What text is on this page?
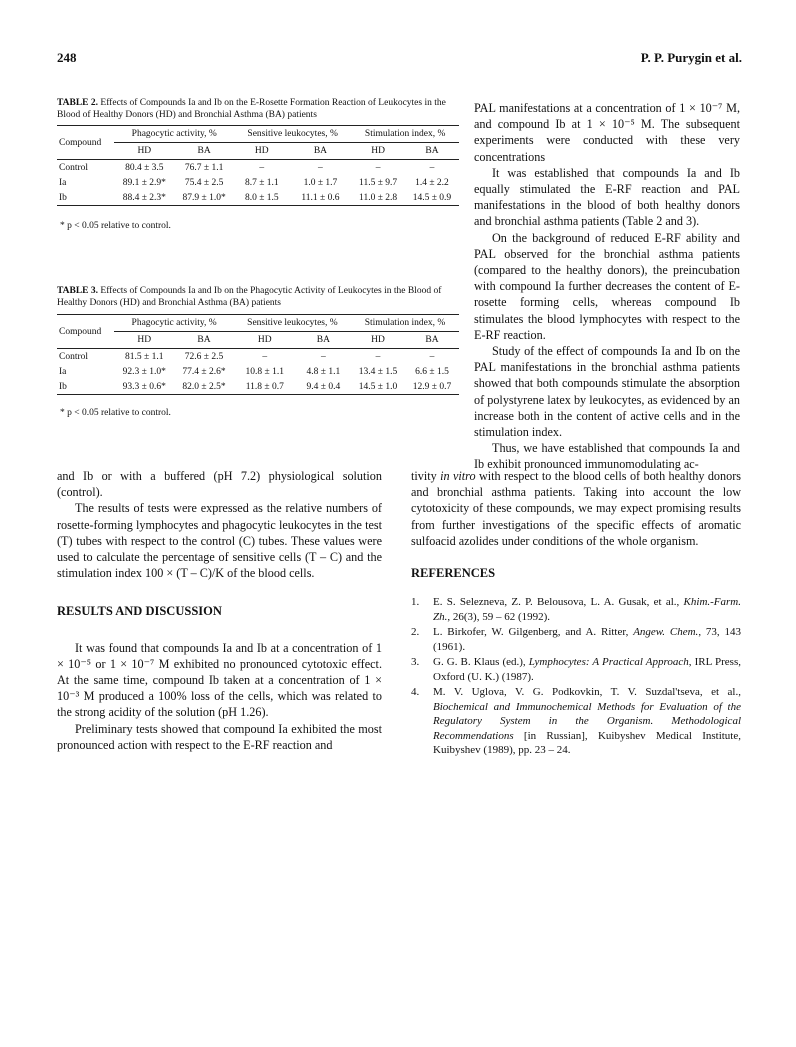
248	P. P. Purygin et al.
TABLE 2. Effects of Compounds Ia and Ib on the E-Rosette Formation Reaction of Leukocytes in the Blood of Healthy Donors (HD) and Bronchial Asthma (BA) patients
Compound	Phagocytic activity, %		Sensitive leukocytes, %		Stimulation index, %	
	HD	BA	HD	BA	HD	BA
Control	80.4 ± 3.5	76.7 ± 1.1	–	–	–	–
Ia	89.1 ± 2.9*	75.4 ± 2.5	8.7 ± 1.1	1.0 ± 1.7	11.5 ± 9.7	1.4 ± 2.2
Ib	88.4 ± 2.3*	87.9 ± 1.0*	8.0 ± 1.5	11.1 ± 0.6	11.0 ± 2.8	14.5 ± 0.9
* p < 0.05 relative to control.
TABLE 3. Effects of Compounds Ia and Ib on the Phagocytic Activity of Leukocytes in the Blood of Healthy Donors (HD) and Bronchial Asthma (BA) patients
Compound	Phagocytic activity, %		Sensitive leukocytes, %		Stimulation index, %	
	HD	BA	HD	BA	HD	BA
Control	81.5 ± 1.1	72.6 ± 2.5	–	–	–	–
Ia	92.3 ± 1.0*	77.4 ± 2.6*	10.8 ± 1.1	4.8 ± 1.1	13.4 ± 1.5	6.6 ± 1.5
Ib	93.3 ± 0.6*	82.0 ± 2.5*	11.8 ± 0.7	9.4 ± 0.4	14.5 ± 1.0	12.9 ± 0.7
* p < 0.05 relative to control.

PAL manifestations at a concentration of 1 × 10⁻⁷ M, and compound Ib at 1 × 10⁻⁵ M. The subsequent experiments were conducted with these very concentrations

It was established that compounds Ia and Ib equally stimulated the E-RF reaction and PAL manifestations in the blood of both healthy donors and bronchial asthma patients (Table 2 and 3).

On the background of reduced E-RF ability and PAL observed for the bronchial asthma patients (compared to the healthy donors), the preincubation with compound Ia further decreases the content of E-rosette forming cells, whereas compound Ib stimulates the blood lymphocytes with respect to the E-RF reaction.

Study of the effect of compounds Ia and Ib on the PAL manifestations in the bronchial asthma patients showed that both compounds stimulate the absorption of polystyrene latex by leukocytes, as evidenced by an increase both in the content of active cells and in the stimulation index.

Thus, we have established that compounds Ia and Ib exhibit pronounced immunomodulating ac-

and Ib or with a buffered (pH 7.2) physiological solution (control).

The results of tests were expressed as the relative numbers of rosette-forming lymphocytes and phagocytic leukocytes in the test (T) tubes with respect to the control (C) tubes. These values were used to calculate the percentage of sensitive cells (T – C) and the stimulation index 100 × (T – C)/K of the blood cells.

RESULTS AND DISCUSSION

It was found that compounds Ia and Ib at a concentration of 1 × 10⁻⁵ or 1 × 10⁻⁷ M exhibited no pronounced cytotoxic effect. At the same time, compound Ib taken at a concentration of 1 × 10⁻³ M produced a 100% loss of the cells, which was related to the strong acidity of the solution (pH 1.26).

Preliminary tests showed that compound Ia exhibited the most pronounced action with respect to the E-RF reaction and

tivity in vitro with respect to the blood cells of both healthy donors and bronchial asthma patients. Taking into account the low cytotoxicity of these compounds, we may expect promising results from further investigations of the specific effects of aromatic sulfoacid azolides under conditions of the whole organism.

REFERENCES

1. E. S. Selezneva, Z. P. Belousova, L. A. Gusak, et al., Khim.-Farm. Zh., 26(3), 59 – 62 (1992).
2. L. Birkofer, W. Gilgenberg, and A. Ritter, Angew. Chem., 73, 143 (1961).
3. G. G. B. Klaus (ed.), Lymphocytes: A Practical Approach, IRL Press, Oxford (U. K.) (1987).
4. M. V. Uglova, V. G. Podkovkin, T. V. Suzdal'tseva, et al., Biochemical and Immunochemical Methods for Evaluation of the Regulatory System in the Organism. Methodological Recommendations [in Russian], Kuibyshev Medical Institute, Kuibyshev (1989), pp. 23 – 24.
